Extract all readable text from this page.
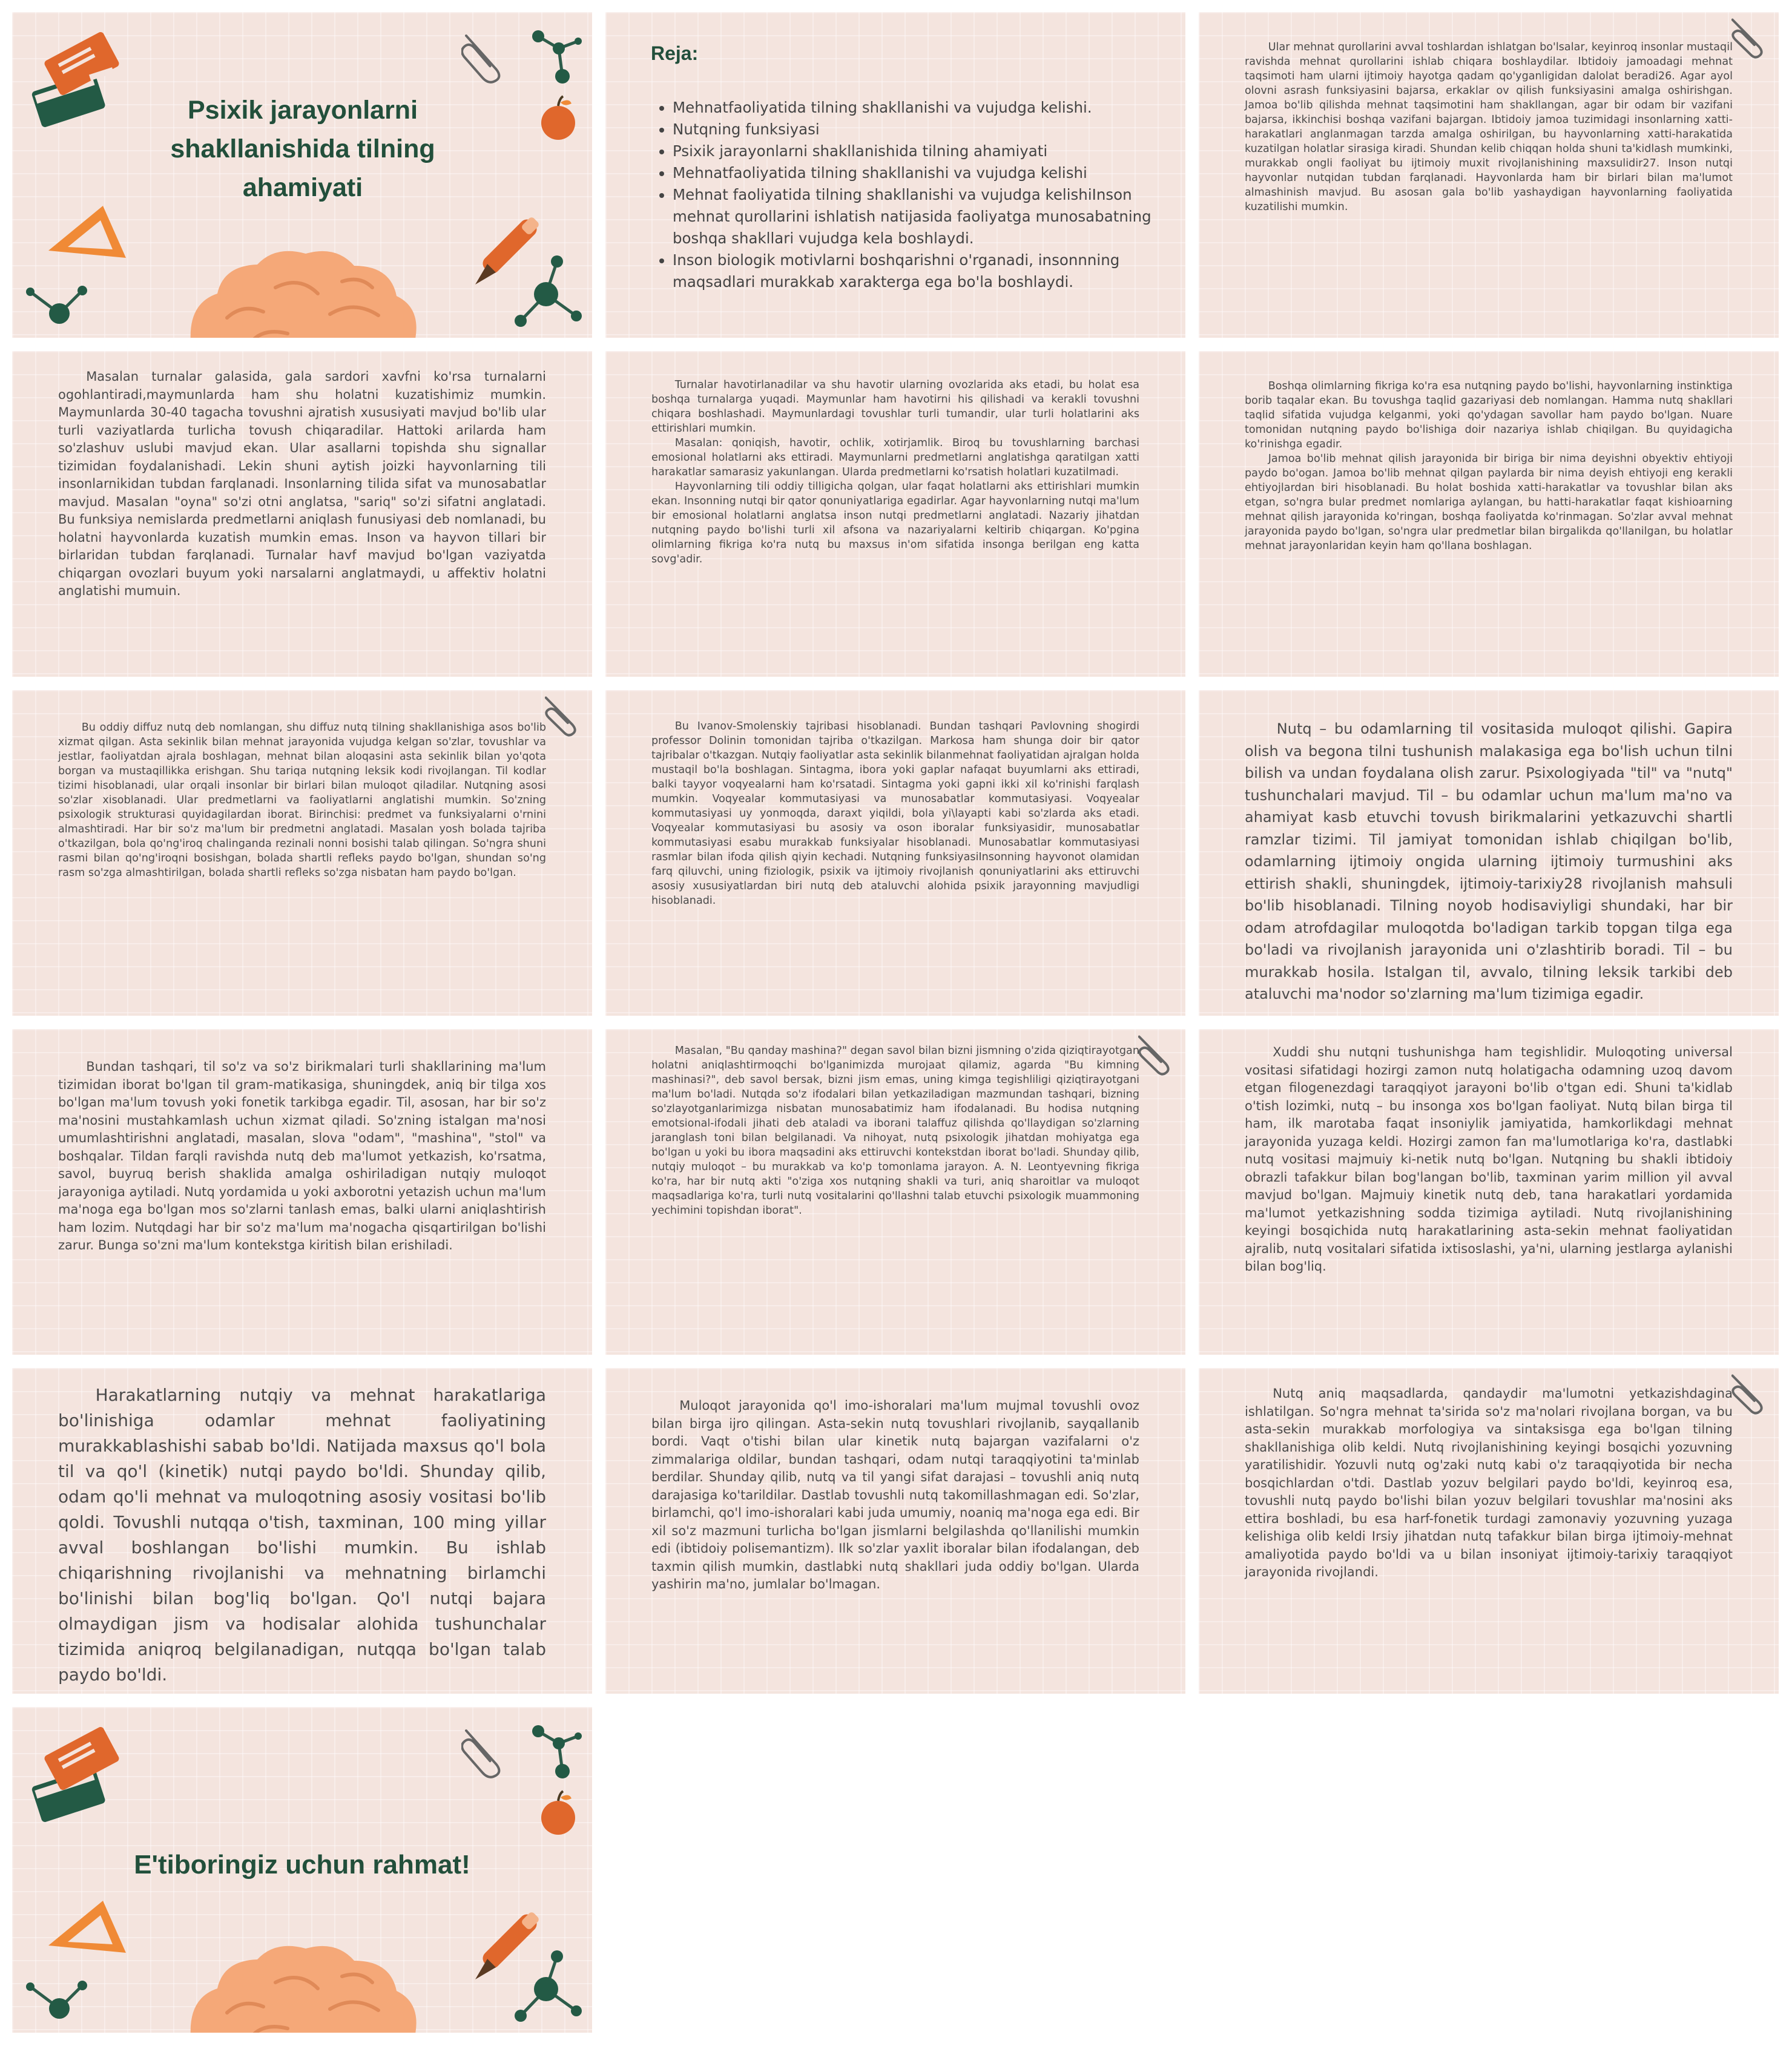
Psixik jarayonlarni shakllanishida tilning ahamiyati
Reja:
• Mehnatfaoliyatida tilning shakllanishi va vujudga kelishi.
• Nutqning funksiyasi
• Psixik jarayonlarni shakllanishida tilning ahamiyati
• Mehnatfaoliyatida tilning shakllanishi va vujudga kelishi
• Mehnat faoliyatida tilning shakllanishi va vujudga kelishiInson mehnat qurollarini ishlatish natijasida faoliyatga munosabatning boshqa shakllari vujudga kela boshlaydi.
• Inson biologik motivlarni boshqarishni o'rganadi, insonnning maqsadlari murakkab xarakterga ega bo'la boshlaydi.

Ular mehnat qurollarini avval toshlardan ishlatgan bo'lsalar, keyinroq insonlar mustaqil ravishda mehnat qurollarini ishlab chiqara boshlaydilar. Ibtidoiy jamoadagi mehnat taqsimoti ham ularni ijtimoiy hayotga qadam qo'yganligidan dalolat beradi26. Agar ayol olovni asrash funksiyasini bajarsa, erkaklar ov qilish funksiyasini amalga oshirishgan. Jamoa bo'lib qilishda mehnat taqsimotini ham shakllangan, agar bir odam bir vazifani bajarsa, ikkinchisi boshqa vazifani bajargan. Ibtidoiy jamoa tuzimidagi insonlarning xatti-harakatlari anglanmagan tarzda amalga oshirilgan, bu hayvonlarning xatti-harakatida kuzatilgan holatlar sirasiga kiradi. Shundan kelib chiqqan holda shuni ta'kidlash mumkinki, murakkab ongli faoliyat bu ijtimoiy muxit rivojlanishining maxsulidir27. Inson nutqi hayvonlar nutqidan tubdan farqlanadi. Hayvonlarda ham bir birlari bilan ma'lumot almashinish mavjud. Bu asosan gala bo'lib yashaydigan hayvonlarning faoliyatida kuzatilishi mumkin.

Masalan turnalar galasida, gala sardori xavfni ko'rsa turnalarni ogohlantiradi,maymunlarda ham shu holatni kuzatishimiz mumkin. Maymunlarda 30-40 tagacha tovushni ajratish xususiyati mavjud bo'lib ular turli vaziyatlarda turlicha tovush chiqaradilar. Hattoki arilarda ham so'zlashuv uslubi mavjud ekan. Ular asallarni topishda shu signallar tizimidan foydalanishadi. Lekin shuni aytish joizki hayvonlarning tili insonlarnikidan tubdan farqlanadi. Insonlarning tilida sifat va munosabatlar mavjud. Masalan "oyna" so'zi otni anglatsa, "sariq" so'zi sifatni anglatadi. Bu funksiya nemislarda predmetlarni aniqlash funusiyasi deb nomlanadi, bu holatni hayvonlarda kuzatish mumkin emas. Inson va hayvon tillari bir birlaridan tubdan farqlanadi. Turnalar havf mavjud bo'lgan vaziyatda chiqargan ovozlari buyum yoki narsalarni anglatmaydi, u affektiv holatni anglatishi mumuin.

Turnalar havotirlanadilar va shu havotir ularning ovozlarida aks etadi, bu holat esa boshqa turnalarga yuqadi. Maymunlar ham havotirni his qilishadi va kerakli tovushni chiqara boshlashadi. Maymunlardagi tovushlar turli tumandir, ular turli holatlarini aks ettirishlari mumkin.

Masalan: qoniqish, havotir, ochlik, xotirjamlik. Biroq bu tovushlarning barchasi emosional holatlarni aks ettiradi. Maymunlarni predmetlarni anglatishga qaratilgan xatti harakatlar samarasiz yakunlangan. Ularda predmetlarni ko'rsatish holatlari kuzatilmadi.

Hayvonlarning tili oddiy tilligicha qolgan, ular faqat holatlarni aks ettirishlari mumkin ekan. Insonning nutqi bir qator qonuniyatlariga egadirlar. Agar hayvonlarning nutqi ma'lum bir emosional holatlarni anglatsa inson nutqi predmetlarni anglatadi. Nazariy jihatdan nutqning paydo bo'lishi turli xil afsona va nazariyalarni keltirib chiqargan. Ko'pgina olimlarning fikriga ko'ra nutq bu maxsus in'om sifatida insonga berilgan eng katta sovg'adir.

Boshqa olimlarning fikriga ko'ra esa nutqning paydo bo'lishi, hayvonlarning instinktiga borib taqalar ekan. Bu tovushga taqlid gazariyasi deb nomlangan. Hamma nutq shakllari taqlid sifatida vujudga kelganmi, yoki qo'ydagan savollar ham paydo bo'lgan. Nuare tomonidan nutqning paydo bo'lishiga doir nazariya ishlab chiqilgan. Bu quyidagicha ko'rinishga egadir.

Jamoa bo'lib mehnat qilish jarayonida bir biriga bir nima deyishni obyektiv ehtiyoji paydo bo'ogan. Jamoa bo'lib mehnat qilgan paylarda bir nima deyish ehtiyoji eng kerakli ehtiyojlardan biri hisoblanadi. Bu holat boshida xatti-harakatlar va tovushlar bilan aks etgan, so'ngra bular predmet nomlariga aylangan, bu hatti-harakatlar faqat kishioarning mehnat qilish jarayonida ko'ringan, boshqa faoliyatda ko'rinmagan. So'zlar avval mehnat jarayonida paydo bo'lgan, so'ngra ular predmetlar bilan birgalikda qo'llanilgan, bu holatlar mehnat jarayonlaridan keyin ham qo'llana boshlagan.

Bu oddiy diffuz nutq deb nomlangan, shu diffuz nutq tilning shakllanishiga asos bo'lib xizmat qilgan. Asta sekinlik bilan mehnat jarayonida vujudga kelgan so'zlar, tovushlar va jestlar, faoliyatdan ajrala boshlagan, mehnat bilan aloqasini asta sekinlik bilan yo'qota borgan va mustaqillikka erishgan. Shu tariqa nutqning leksik kodi rivojlangan. Til kodlar tizimi hisoblanadi, ular orqali insonlar bir birlari bilan muloqot qiladilar. Nutqning asosi so'zlar xisoblanadi. Ular predmetlarni va faoliyatlarni anglatishi mumkin. So'zning psixologik strukturasi quyidagilardan iborat. Birinchisi: predmet va funksiyalarni o'rnini almashtiradi. Har bir so'z ma'lum bir predmetni anglatadi. Masalan yosh bolada tajriba o'tkazilgan, bola qo'ng'iroq chalinganda rezinali nonni bosishi talab qilingan. So'ngra shuni rasmi bilan qo'ng'iroqni bosishgan, bolada shartli refleks paydo bo'lgan, shundan so'ng rasm so'zga almashtirilgan, bolada shartli refleks so'zga nisbatan ham paydo bo'lgan.

Bu Ivanov-Smolenskiy tajribasi hisoblanadi. Bundan tashqari Pavlovning shogirdi professor Dolinin tomonidan tajriba o'tkazilgan. Markosa ham shunga doir bir qator tajribalar o'tkazgan. Nutqiy faoliyatlar asta sekinlik bilanmehnat faoliyatidan ajralgan holda mustaqil bo'la boshlagan. Sintagma, ibora yoki gaplar nafaqat buyumlarni aks ettiradi, balki tayyor voqyealarni ham ko'rsatadi. Sintagma yoki gapni ikki xil ko'rinishi farqlash mumkin. Voqyealar kommutasiyasi va munosabatlar kommutasiyasi. Voqyealar kommutasiyasi uy yonmoqda, daraxt yiqildi, bola yi\layapti kabi so'zlarda aks etadi. Voqyealar kommutasiyasi bu asosiy va oson iboralar funksiyasidir, munosabatlar kommutasiyasi esabu murakkab funksiyalar hisoblanadi. Munosabatlar kommutasiyasi rasmlar bilan ifoda qilish qiyin kechadi. Nutqning funksiyasiInsonning hayvonot olamidan farq qiluvchi, uning fiziologik, psixik va ijtimoiy rivojlanish qonuniyatlarini aks ettiruvchi asosiy xususiyatlardan biri nutq deb ataluvchi alohida psixik jarayonning mavjudligi hisoblanadi.

Nutq – bu odamlarning til vositasida muloqot qilishi. Gapira olish va begona tilni tushunish malakasiga ega bo'lish uchun tilni bilish va undan foydalana olish zarur. Psixologiyada "til" va "nutq" tushunchalari mavjud. Til – bu odamlar uchun ma'lum ma'no va ahamiyat kasb etuvchi tovush birikmalarini yetkazuvchi shartli ramzlar tizimi. Til jamiyat tomonidan ishlab chiqilgan bo'lib, odamlarning ijtimoiy ongida ularning ijtimoiy turmushini aks ettirish shakli, shuningdek, ijtimoiy-tarixiy28 rivojlanish mahsuli bo'lib hisoblanadi. Tilning noyob hodisaviyligi shundaki, har bir odam atrofdagilar muloqotda bo'ladigan tarkib topgan tilga ega bo'ladi va rivojlanish jarayonida uni o'zlashtirib boradi. Til – bu murakkab hosila. Istalgan til, avvalo, tilning leksik tarkibi deb ataluvchi ma'nodor so'zlarning ma'lum tizimiga egadir.

Bundan tashqari, til so'z va so'z birikmalari turli shakllarining ma'lum tizimidan iborat bo'lgan til gram-matikasiga, shuningdek, aniq bir tilga xos bo'lgan ma'lum tovush yoki fonetik tarkibga egadir. Til, asosan, har bir so'z ma'nosini mustahkamlash uchun xizmat qiladi. So'zning istalgan ma'nosi umumlashtirishni anglatadi, masalan, slova "odam", "mashina", "stol" va boshqalar. Tildan farqli ravishda nutq deb ma'lumot yetkazish, ko'rsatma, savol, buyruq berish shaklida amalga oshiriladigan nutqiy muloqot jarayoniga aytiladi. Nutq yordamida u yoki axborotni yetazish uchun ma'lum ma'noga ega bo'lgan mos so'zlarni tanlash emas, balki ularni aniqlashtirish ham lozim. Nutqdagi har bir so'z ma'lum ma'nogacha qisqartirilgan bo'lishi zarur. Bunga so'zni ma'lum kontekstga kiritish bilan erishiladi.

Masalan, "Bu qanday mashina?" degan savol bilan bizni jismning o'zida qiziqtirayotgan holatni aniqlashtirmoqchi bo'lganimizda murojaat qilamiz, agarda "Bu kimning mashinasi?", deb savol bersak, bizni jism emas, uning kimga tegishliligi qiziqtirayotgani ma'lum bo'ladi. Nutqda so'z ifodalari bilan yetkaziladigan mazmundan tashqari, bizning so'zlayotganlarimizga nisbatan munosabatimiz ham ifodalanadi. Bu hodisa nutqning emotsional-ifodali jihati deb ataladi va iborani talaffuz qilishda qo'llaydigan so'zlarning jaranglash toni bilan belgilanadi. Va nihoyat, nutq psixologik jihatdan mohiyatga ega bo'lgan u yoki bu ibora maqsadini aks ettiruvchi kontekstdan iborat bo'ladi. Shunday qilib, nutqiy muloqot – bu murakkab va ko'p tomonlama jarayon. A. N. Leontyevning fikriga ko'ra, har bir nutq akti "o'ziga xos nutqning shakli va turi, aniq sharoitlar va muloqot maqsadlariga ko'ra, turli nutq vositalarini qo'llashni talab etuvchi psixologik muammoning yechimini topishdan iborat".

Xuddi shu nutqni tushunishga ham tegishlidir. Muloqoting universal vositasi sifatidagi hozirgi zamon nutq holatigacha odamning uzoq davom etgan filogenezdagi taraqqiyot jarayoni bo'lib o'tgan edi. Shuni ta'kidlab o'tish lozimki, nutq – bu insonga xos bo'lgan faoliyat. Nutq bilan birga til ham, ilk marotaba faqat insoniylik jamiyatida, hamkorlikdagi mehnat jarayonida yuzaga keldi. Hozirgi zamon fan ma'lumotlariga ko'ra, dastlabki nutq vositasi majmuiy ki-netik nutq bo'lgan. Nutqning bu shakli ibtidoiy obrazli tafakkur bilan bog'langan bo'lib, taxminan yarim million yil avval mavjud bo'lgan. Majmuiy kinetik nutq deb, tana harakatlari yordamida ma'lumot yetkazishning sodda tizimiga aytiladi. Nutq rivojlanishining keyingi bosqichida nutq harakatlarining asta-sekin mehnat faoliyatidan ajralib, nutq vositalari sifatida ixtisoslashi, ya'ni, ularning jestlarga aylanishi bilan bog'liq.

Harakatlarning nutqiy va mehnat harakatlariga bo'linishiga odamlar mehnat faoliyatining murakkablashishi sabab bo'ldi. Natijada maxsus qo'l bola til va qo'l (kinetik) nutqi paydo bo'ldi. Shunday qilib, odam qo'li mehnat va muloqotning asosiy vositasi bo'lib qoldi. Tovushli nutqqa o'tish, taxminan, 100 ming yillar avval boshlangan bo'lishi mumkin. Bu ishlab chiqarishning rivojlanishi va mehnatning birlamchi bo'linishi bilan bog'liq bo'lgan. Qo'l nutqi bajara olmaydigan jism va hodisalar alohida tushunchalar tizimida aniqroq belgilanadigan, nutqqa bo'lgan talab paydo bo'ldi.

Muloqot jarayonida qo'l imo-ishoralari ma'lum mujmal tovushli ovoz bilan birga ijro qilingan. Asta-sekin nutq tovushlari rivojlanib, sayqallanib bordi. Vaqt o'tishi bilan ular kinetik nutq bajargan vazifalarni o'z zimmalariga oldilar, bundan tashqari, odam nutqi taraqqiyotini ta'minlab berdilar. Shunday qilib, nutq va til yangi sifat darajasi – tovushli aniq nutq darajasiga ko'tarildilar. Dastlab tovushli nutq takomillashmagan edi. So'zlar, birlamchi, qo'l imo-ishoralari kabi juda umumiy, noaniq ma'noga ega edi. Bir xil so'z mazmuni turlicha bo'lgan jismlarni belgilashda qo'llanilishi mumkin edi (ibtidoiy polisemantizm). Ilk so'zlar yaxlit iboralar bilan ifodalangan, deb taxmin qilish mumkin, dastlabki nutq shakllari juda oddiy bo'lgan. Ularda yashirin ma'no, jumlalar bo'lmagan.

Nutq aniq maqsadlarda, qandaydir ma'lumotni yetkazishdagina ishlatilgan. So'ngra mehnat ta'sirida so'z ma'nolari rivojlana borgan, va bu asta-sekin murakkab morfologiya va sintaksisga ega bo'lgan tilning shakllanishiga olib keldi. Nutq rivojlanishining keyingi bosqichi yozuvning yaratilishidir. Yozuvli nutq og'zaki nutq kabi o'z taraqqiyotida bir necha bosqichlardan o'tdi. Dastlab yozuv belgilari paydo bo'ldi, keyinroq esa, tovushli nutq paydo bo'lishi bilan yozuv belgilari tovushlar ma'nosini aks ettira boshladi, bu esa harf-fonetik turdagi zamonaviy yozuvning yuzaga kelishiga olib keldi Irsiy jihatdan nutq tafakkur bilan birga ijtimoiy-mehnat amaliyotida paydo bo'ldi va u bilan insoniyat ijtimoiy-tarixiy taraqqiyot jarayonida rivojlandi.

E'tiboringiz uchun rahmat!
